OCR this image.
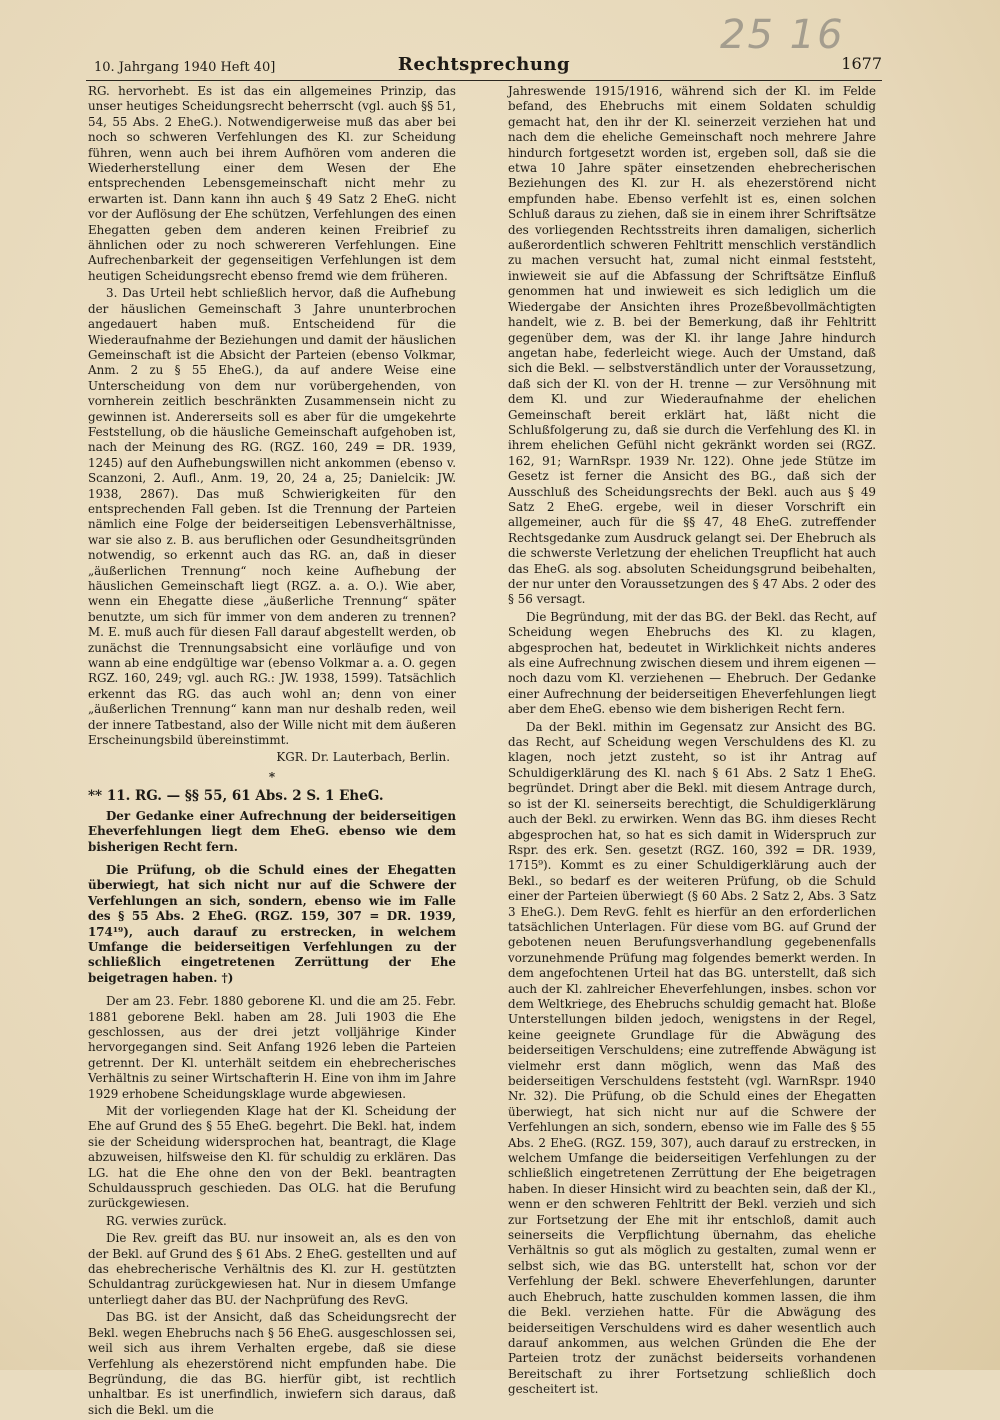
25 16
10. Jahrgang 1940 Heft 40]	Rechtsprechung	1677

RG. hervorhebt. Es ist das ein allgemeines Prinzip, das unser heutiges Scheidungsrecht beherrscht (vgl. auch §§ 51, 54, 55 Abs. 2 EheG.). Notwendigerweise muß das aber bei noch so schweren Verfehlungen des Kl. zur Scheidung führen, wenn auch bei ihrem Aufhören vom anderen die Wiederherstellung einer dem Wesen der Ehe entsprechenden Lebensgemeinschaft nicht mehr zu erwarten ist. Dann kann ihn auch § 49 Satz 2 EheG. nicht vor der Auflösung der Ehe schützen, Verfehlungen des einen Ehegatten geben dem anderen keinen Freibrief zu ähnlichen oder zu noch schwereren Verfehlungen. Eine Aufrechenbarkeit der gegenseitigen Verfehlungen ist dem heutigen Scheidungsrecht ebenso fremd wie dem früheren.

3. Das Urteil hebt schließlich hervor, daß die Aufhebung der häuslichen Gemeinschaft 3 Jahre ununterbrochen angedauert haben muß. Entscheidend für die Wiederaufnahme der Beziehungen und damit der häuslichen Gemeinschaft ist die Absicht der Parteien (ebenso Volkmar, Anm. 2 zu § 55 EheG.), da auf andere Weise eine Unterscheidung von dem nur vorübergehenden, von vornherein zeitlich beschränkten Zusammensein nicht zu gewinnen ist. Andererseits soll es aber für die umgekehrte Feststellung, ob die häusliche Gemeinschaft aufgehoben ist, nach der Meinung des RG. (RGZ. 160, 249 = DR. 1939, 1245) auf den Aufhebungswillen nicht ankommen (ebenso v. Scanzoni, 2. Aufl., Anm. 19, 20, 24 a, 25; Danielcik: JW. 1938, 2867). Das muß Schwierigkeiten für den entsprechenden Fall geben. Ist die Trennung der Parteien nämlich eine Folge der beiderseitigen Lebensverhältnisse, war sie also z. B. aus beruflichen oder Gesundheitsgründen notwendig, so erkennt auch das RG. an, daß in dieser „äußerlichen Trennung“ noch keine Aufhebung der häuslichen Gemeinschaft liegt (RGZ. a. a. O.). Wie aber, wenn ein Ehegatte diese „äußerliche Trennung“ später benutzte, um sich für immer von dem anderen zu trennen? M. E. muß auch für diesen Fall darauf abgestellt werden, ob zunächst die Trennungsabsicht eine vorläufige und von wann ab eine endgültige war (ebenso Volkmar a. a. O. gegen RGZ. 160, 249; vgl. auch RG.: JW. 1938, 1599). Tatsächlich erkennt das RG. das auch wohl an; denn von einer „äußerlichen Trennung“ kann man nur deshalb reden, weil der innere Tatbestand, also der Wille nicht mit dem äußeren Erscheinungsbild übereinstimmt.

KGR. Dr. Lauterbach, Berlin.

*

** 11. RG. — §§ 55, 61 Abs. 2 S. 1 EheG.

Der Gedanke einer Aufrechnung der beiderseitigen Eheverfehlungen liegt dem EheG. ebenso wie dem bisherigen Recht fern.

Die Prüfung, ob die Schuld eines der Ehegatten überwiegt, hat sich nicht nur auf die Schwere der Verfehlungen an sich, sondern, ebenso wie im Falle des § 55 Abs. 2 EheG. (RGZ. 159, 307 = DR. 1939, 174¹⁹), auch darauf zu erstrecken, in welchem Umfange die beiderseitigen Verfehlungen zu der schließlich eingetretenen Zerrüttung der Ehe beigetragen haben. †)

Der am 23. Febr. 1880 geborene Kl. und die am 25. Febr. 1881 geborene Bekl. haben am 28. Juli 1903 die Ehe geschlossen, aus der drei jetzt volljährige Kinder hervorgegangen sind. Seit Anfang 1926 leben die Parteien getrennt. Der Kl. unterhält seitdem ein ehebrecherisches Verhältnis zu seiner Wirtschafterin H. Eine von ihm im Jahre 1929 erhobene Scheidungsklage wurde abgewiesen.

Mit der vorliegenden Klage hat der Kl. Scheidung der Ehe auf Grund des § 55 EheG. begehrt. Die Bekl. hat, indem sie der Scheidung widersprochen hat, beantragt, die Klage abzuweisen, hilfsweise den Kl. für schuldig zu erklären. Das LG. hat die Ehe ohne den von der Bekl. beantragten Schuldausspruch geschieden. Das OLG. hat die Berufung zurückgewiesen.

RG. verwies zurück.

Die Rev. greift das BU. nur insoweit an, als es den von der Bekl. auf Grund des § 61 Abs. 2 EheG. gestellten und auf das ehebrecherische Verhältnis des Kl. zur H. gestützten Schuldantrag zurückgewiesen hat. Nur in diesem Umfange unterliegt daher das BU. der Nachprüfung des RevG.

Das BG. ist der Ansicht, daß das Scheidungsrecht der Bekl. wegen Ehebruchs nach § 56 EheG. ausgeschlossen sei, weil sich aus ihrem Verhalten ergebe, daß sie diese Verfehlung als ehezerstörend nicht empfunden habe. Die Begründung, die das BG. hierfür gibt, ist rechtlich unhaltbar. Es ist unerfindlich, inwiefern sich daraus, daß sich die Bekl. um die

Jahreswende 1915/1916, während sich der Kl. im Felde befand, des Ehebruchs mit einem Soldaten schuldig gemacht hat, den ihr der Kl. seinerzeit verziehen hat und nach dem die eheliche Gemeinschaft noch mehrere Jahre hindurch fortgesetzt worden ist, ergeben soll, daß sie die etwa 10 Jahre später einsetzenden ehebrecherischen Beziehungen des Kl. zur H. als ehezerstörend nicht empfunden habe. Ebenso verfehlt ist es, einen solchen Schluß daraus zu ziehen, daß sie in einem ihrer Schriftsätze des vorliegenden Rechtsstreits ihren damaligen, sicherlich außerordentlich schweren Fehltritt menschlich verständlich zu machen versucht hat, zumal nicht einmal feststeht, inwieweit sie auf die Abfassung der Schriftsätze Einfluß genommen hat und inwieweit es sich lediglich um die Wiedergabe der Ansichten ihres Prozeßbevollmächtigten handelt, wie z. B. bei der Bemerkung, daß ihr Fehltritt gegenüber dem, was der Kl. ihr lange Jahre hindurch angetan habe, federleicht wiege. Auch der Umstand, daß sich die Bekl. — selbstverständlich unter der Voraussetzung, daß sich der Kl. von der H. trenne — zur Versöhnung mit dem Kl. und zur Wiederaufnahme der ehelichen Gemeinschaft bereit erklärt hat, läßt nicht die Schlußfolgerung zu, daß sie durch die Verfehlung des Kl. in ihrem ehelichen Gefühl nicht gekränkt worden sei (RGZ. 162, 91; WarnRspr. 1939 Nr. 122). Ohne jede Stütze im Gesetz ist ferner die Ansicht des BG., daß sich der Ausschluß des Scheidungsrechts der Bekl. auch aus § 49 Satz 2 EheG. ergebe, weil in dieser Vorschrift ein allgemeiner, auch für die §§ 47, 48 EheG. zutreffender Rechtsgedanke zum Ausdruck gelangt sei. Der Ehebruch als die schwerste Verletzung der ehelichen Treupflicht hat auch das EheG. als sog. absoluten Scheidungsgrund beibehalten, der nur unter den Voraussetzungen des § 47 Abs. 2 oder des § 56 versagt.

Die Begründung, mit der das BG. der Bekl. das Recht, auf Scheidung wegen Ehebruchs des Kl. zu klagen, abgesprochen hat, bedeutet in Wirklichkeit nichts anderes als eine Aufrechnung zwischen diesem und ihrem eigenen — noch dazu vom Kl. verziehenen — Ehebruch. Der Gedanke einer Aufrechnung der beiderseitigen Eheverfehlungen liegt aber dem EheG. ebenso wie dem bisherigen Recht fern.

Da der Bekl. mithin im Gegensatz zur Ansicht des BG. das Recht, auf Scheidung wegen Verschuldens des Kl. zu klagen, noch jetzt zusteht, so ist ihr Antrag auf Schuldigerklärung des Kl. nach § 61 Abs. 2 Satz 1 EheG. begründet. Dringt aber die Bekl. mit diesem Antrage durch, so ist der Kl. seinerseits berechtigt, die Schuldigerklärung auch der Bekl. zu erwirken. Wenn das BG. ihm dieses Recht abgesprochen hat, so hat es sich damit in Widerspruch zur Rspr. des erk. Sen. gesetzt (RGZ. 160, 392 = DR. 1939, 1715⁹). Kommt es zu einer Schuldigerklärung auch der Bekl., so bedarf es der weiteren Prüfung, ob die Schuld einer der Parteien überwiegt (§ 60 Abs. 2 Satz 2, Abs. 3 Satz 3 EheG.). Dem RevG. fehlt es hierfür an den erforderlichen tatsächlichen Unterlagen. Für diese vom BG. auf Grund der gebotenen neuen Berufungsverhandlung gegebenenfalls vorzunehmende Prüfung mag folgendes bemerkt werden. In dem angefochtenen Urteil hat das BG. unterstellt, daß sich auch der Kl. zahlreicher Eheverfehlungen, insbes. schon vor dem Weltkriege, des Ehebruchs schuldig gemacht hat. Bloße Unterstellungen bilden jedoch, wenigstens in der Regel, keine geeignete Grundlage für die Abwägung des beiderseitigen Verschuldens; eine zutreffende Abwägung ist vielmehr erst dann möglich, wenn das Maß des beiderseitigen Verschuldens feststeht (vgl. WarnRspr. 1940 Nr. 32). Die Prüfung, ob die Schuld eines der Ehegatten überwiegt, hat sich nicht nur auf die Schwere der Verfehlungen an sich, sondern, ebenso wie im Falle des § 55 Abs. 2 EheG. (RGZ. 159, 307), auch darauf zu erstrecken, in welchem Umfange die beiderseitigen Verfehlungen zu der schließlich eingetretenen Zerrüttung der Ehe beigetragen haben. In dieser Hinsicht wird zu beachten sein, daß der Kl., wenn er den schweren Fehltritt der Bekl. verzieh und sich zur Fortsetzung der Ehe mit ihr entschloß, damit auch seinerseits die Verpflichtung übernahm, das eheliche Verhältnis so gut als möglich zu gestalten, zumal wenn er selbst sich, wie das BG. unterstellt hat, schon vor der Verfehlung der Bekl. schwere Eheverfehlungen, darunter auch Ehebruch, hatte zuschulden kommen lassen, die ihm die Bekl. verziehen hatte. Für die Abwägung des beiderseitigen Verschuldens wird es daher wesentlich auch darauf ankommen, aus welchen Gründen die Ehe der Parteien trotz der zunächst beiderseits vorhandenen Bereitschaft zu ihrer Fortsetzung schließlich doch gescheitert ist.
